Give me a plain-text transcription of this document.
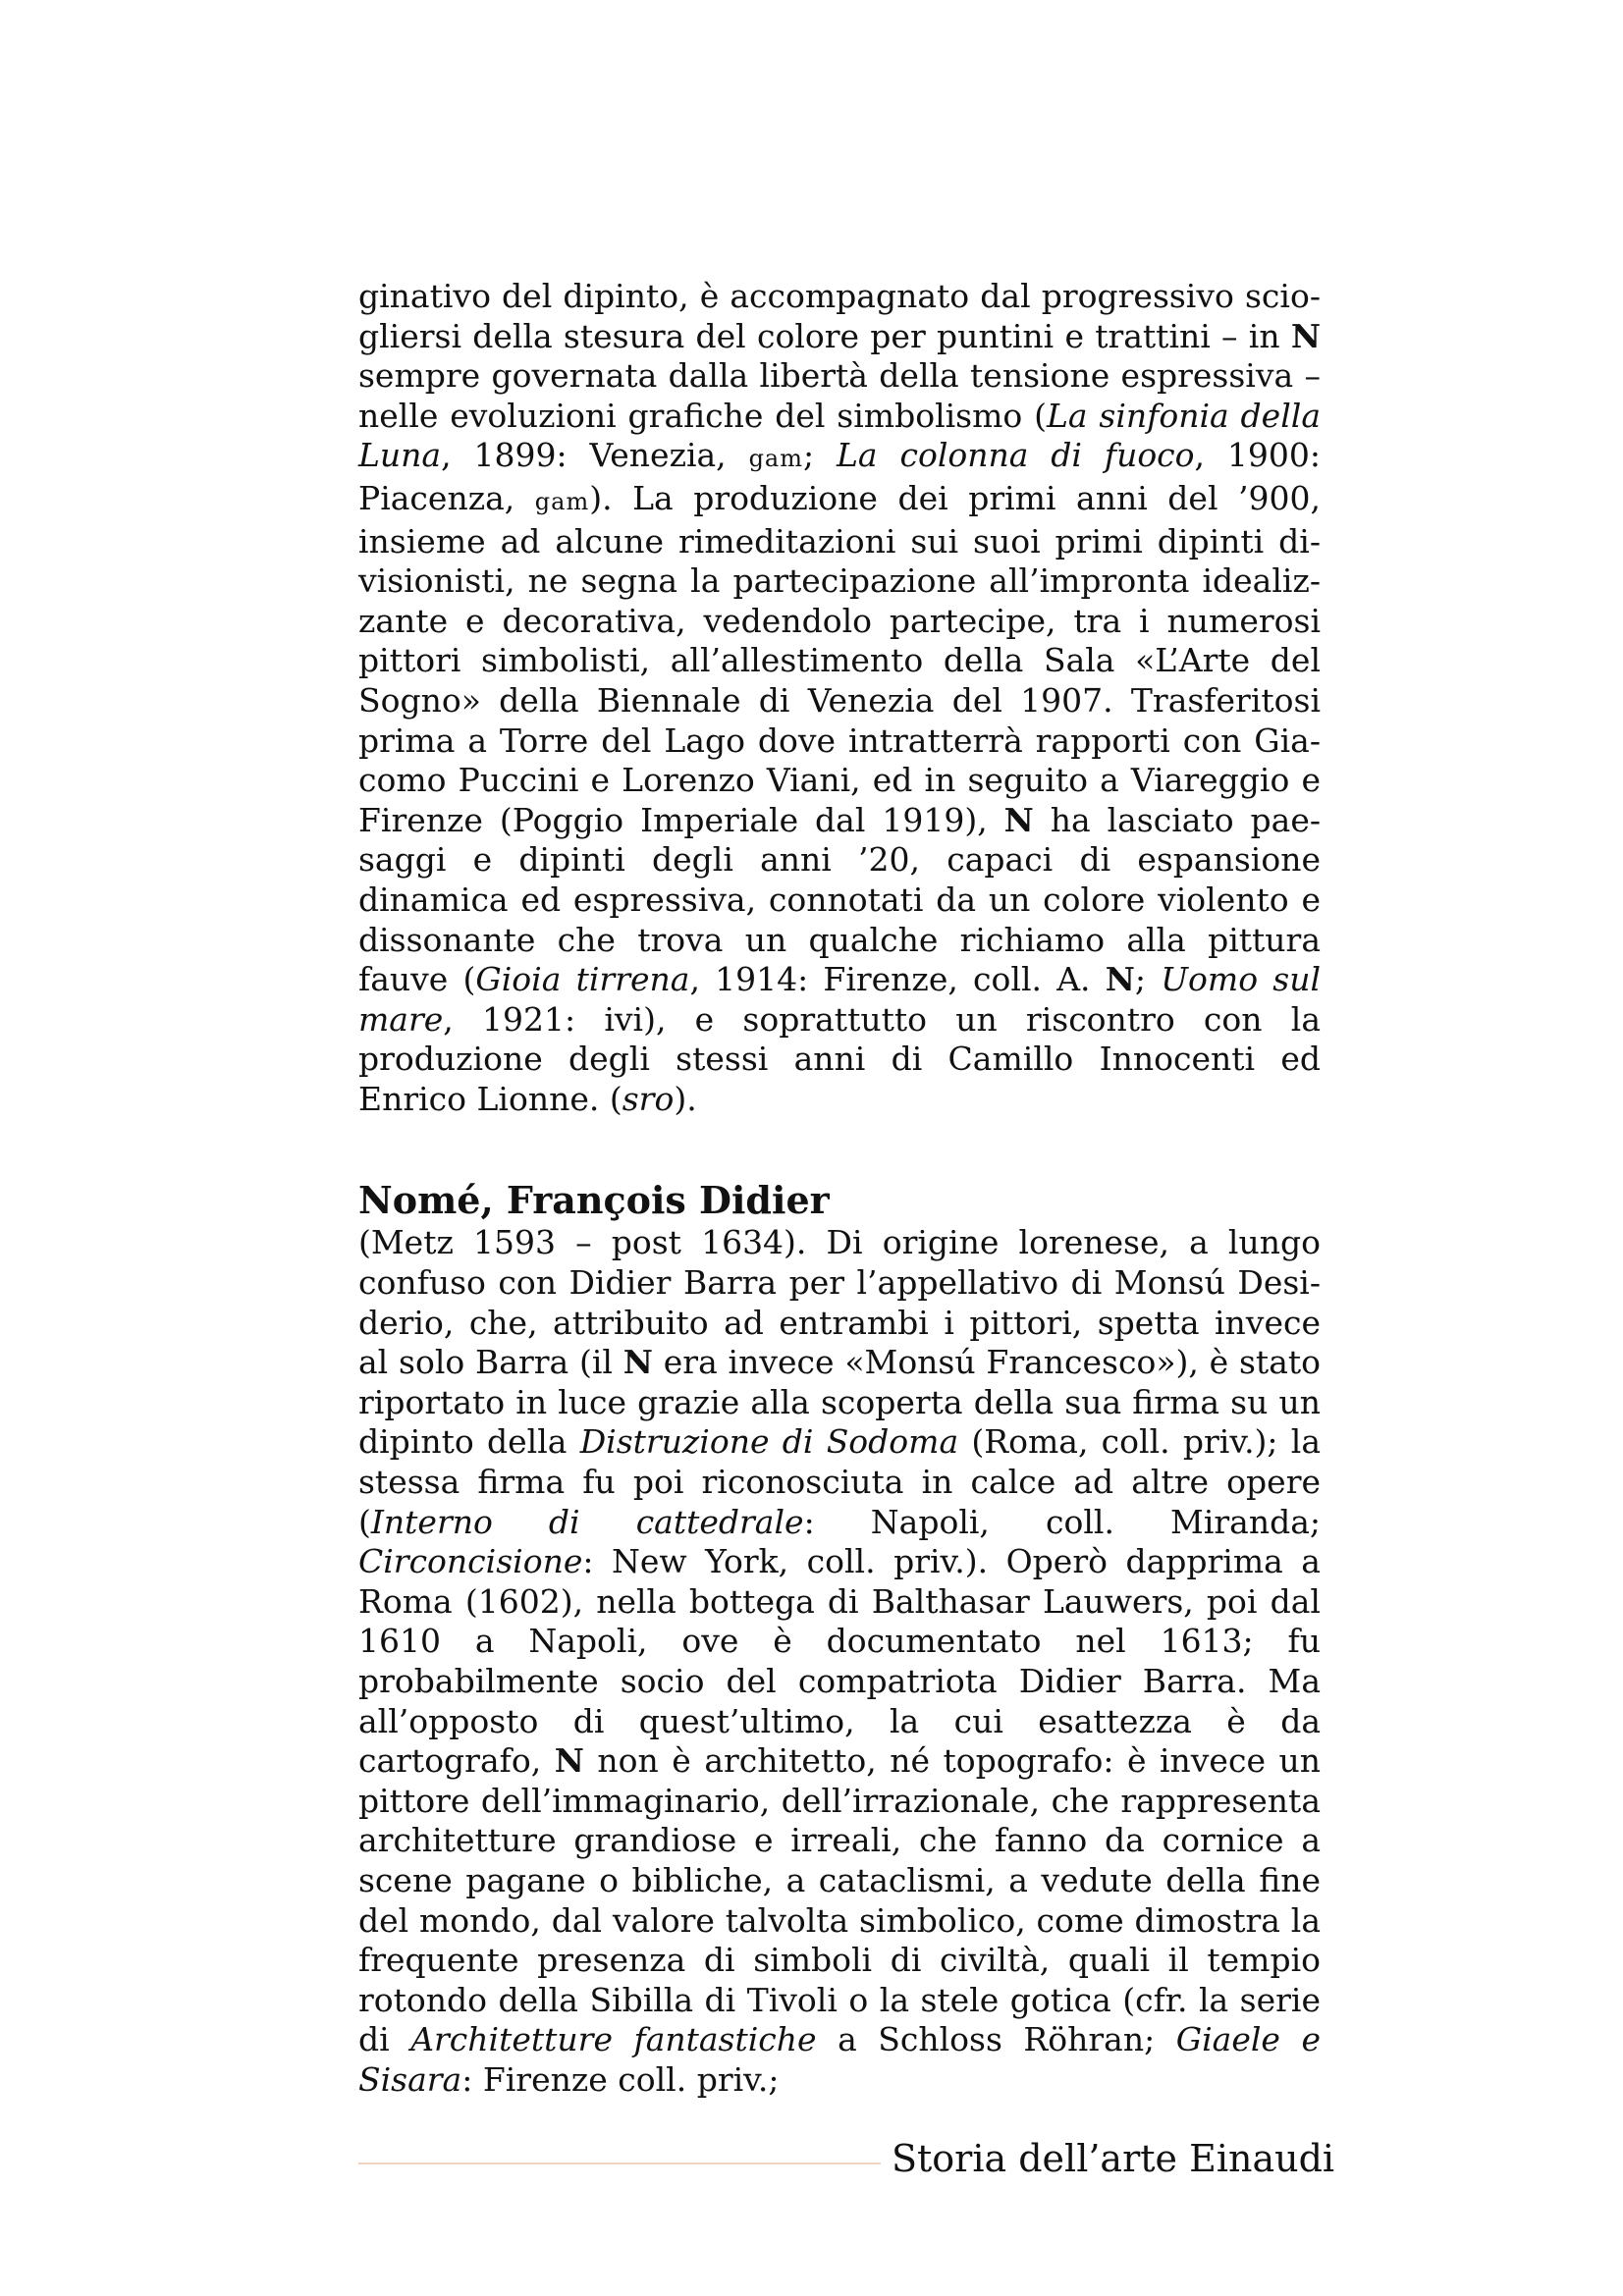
ginativo del dipinto, è accompagnato dal progressivo sciogliersi della stesura del colore per puntini e trattini – in N sempre governata dalla libertà della tensione espressiva – nelle evoluzioni grafiche del simbolismo (La sinfonia della Luna, 1899: Venezia, gam; La colonna di fuoco, 1900: Piacenza, gam). La produzione dei primi anni del ’900, insieme ad alcune rimeditazioni sui suoi primi dipinti divisionisti, ne segna la partecipazione all’impronta idealizzante e decorativa, vedendolo partecipe, tra i numerosi pittori simbolisti, all’allestimento della Sala «L’Arte del Sogno» della Biennale di Venezia del 1907. Trasferitosi prima a Torre del Lago dove intratterrà rapporti con Giacomo Puccini e Lorenzo Viani, ed in seguito a Viareggio e Firenze (Poggio Imperiale dal 1919), N ha lasciato paesaggi e dipinti degli anni ’20, capaci di espansione dinamica ed espressiva, connotati da un colore violento e dissonante che trova un qualche richiamo alla pittura fauve (Gioia tirrena, 1914: Firenze, coll. A. N; Uomo sul mare, 1921: ivi), e soprattutto un riscontro con la produzione degli stessi anni di Camillo Innocenti ed Enrico Lionne. (sro).

Nomé, François Didier

(Metz 1593 – post 1634). Di origine lorenese, a lungo confuso con Didier Barra per l’appellativo di Monsú Desiderio, che, attribuito ad entrambi i pittori, spetta invece al solo Barra (il N era invece «Monsú Francesco»), è stato riportato in luce grazie alla scoperta della sua firma su un dipinto della Distruzione di Sodoma (Roma, coll. priv.); la stessa firma fu poi riconosciuta in calce ad altre opere (Interno di cattedrale: Napoli, coll. Miranda; Circoncisione: New York, coll. priv.). Operò dapprima a Roma (1602), nella bottega di Balthasar Lauwers, poi dal 1610 a Napoli, ove è documentato nel 1613; fu probabilmente socio del compatriota Didier Barra. Ma all’opposto di quest’ultimo, la cui esattezza è da cartografo, N non è architetto, né topografo: è invece un pittore dell’immaginario, dell’irrazionale, che rappresenta architetture grandiose e irreali, che fanno da cornice a scene pagane o bibliche, a cataclismi, a vedute della fine del mondo, dal valore talvolta simbolico, come dimostra la frequente presenza di simboli di civiltà, quali il tempio rotondo della Sibilla di Tivoli o la stele gotica (cfr. la serie di Architetture fantastiche a Schloss Röhran; Giaele e Sisara: Firenze coll. priv.;

Storia dell’arte Einaudi
